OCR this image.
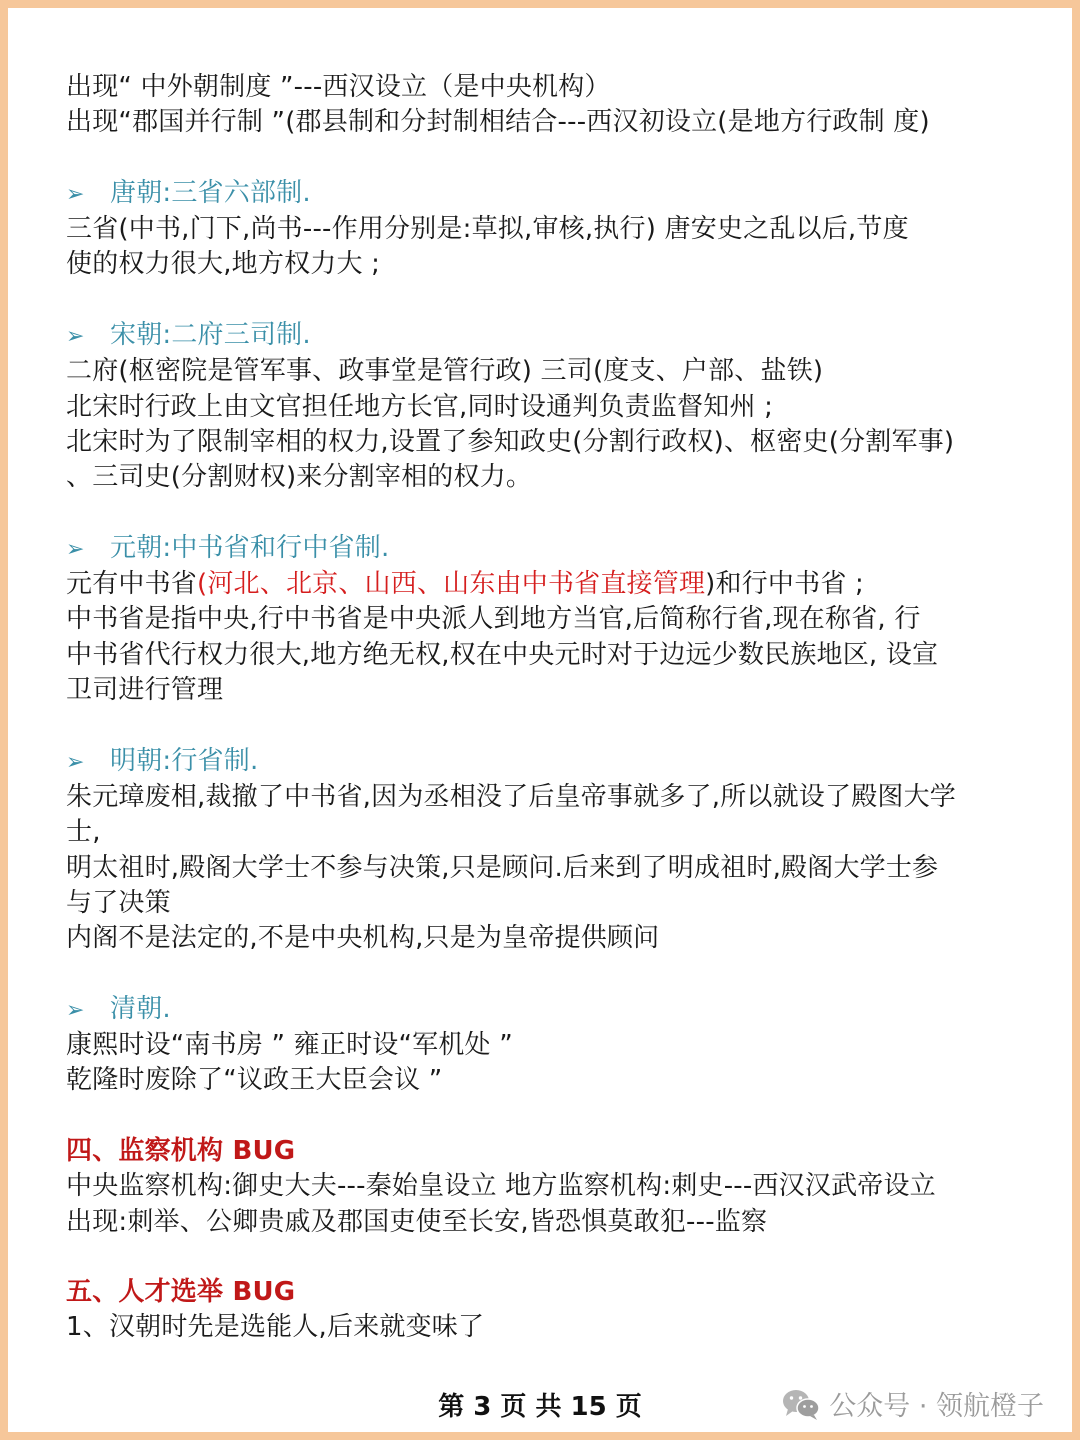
出现“ 中外朝制度 ”---西汉设立（是中央机构）
出现“郡国并行制 ”(郡县制和分封制相结合---西汉初设立(是地方行政制 度)
➢ 唐朝:三省六部制.
三省(中书,门下,尚书---作用分别是:草拟,审核,执行) 唐安史之乱以后,节度
使的权力很大,地方权力大 ;
➢ 宋朝:二府三司制.
二府(枢密院是管军事、政事堂是管行政) 三司(度支、户部、盐铁)
北宋时行政上由文官担任地方长官,同时设通判负责监督知州 ;
北宋时为了限制宰相的权力,设置了参知政史(分割行政权)、枢密史(分割军事)
、三司史(分割财权)来分割宰相的权力。
➢ 元朝:中书省和行中省制.
元有中书省(河北、北京、山西、山东由中书省直接管理)和行中书省 ;
中书省是指中央,行中书省是中央派人到地方当官,后简称行省,现在称省, 行
中书省代行权力很大,地方绝无权,权在中央元时对于边远少数民族地区, 设宣
卫司进行管理
➢ 明朝:行省制.
朱元璋废相,裁撤了中书省,因为丞相没了后皇帝事就多了,所以就设了殿图大学
士,
明太祖时,殿阁大学士不参与决策,只是顾问.后来到了明成祖时,殿阁大学士参
与了决策
内阁不是法定的,不是中央机构,只是为皇帝提供顾问
➢ 清朝.
康熙时设“南书房 ” 雍正时设“军机处 ”
乾隆时废除了“议政王大臣会议 ”
四、监察机构 BUG
中央监察机构:御史大夫---秦始皇设立 地方监察机构:刺史---西汉汉武帝设立
出现:刺举、公卿贵戚及郡国吏使至长安,皆恐惧莫敢犯---监察
五、人才选举 BUG
1、汉朝时先是选能人,后来就变味了
第 3 页 共 15 页	公众号 · 领航橙子
